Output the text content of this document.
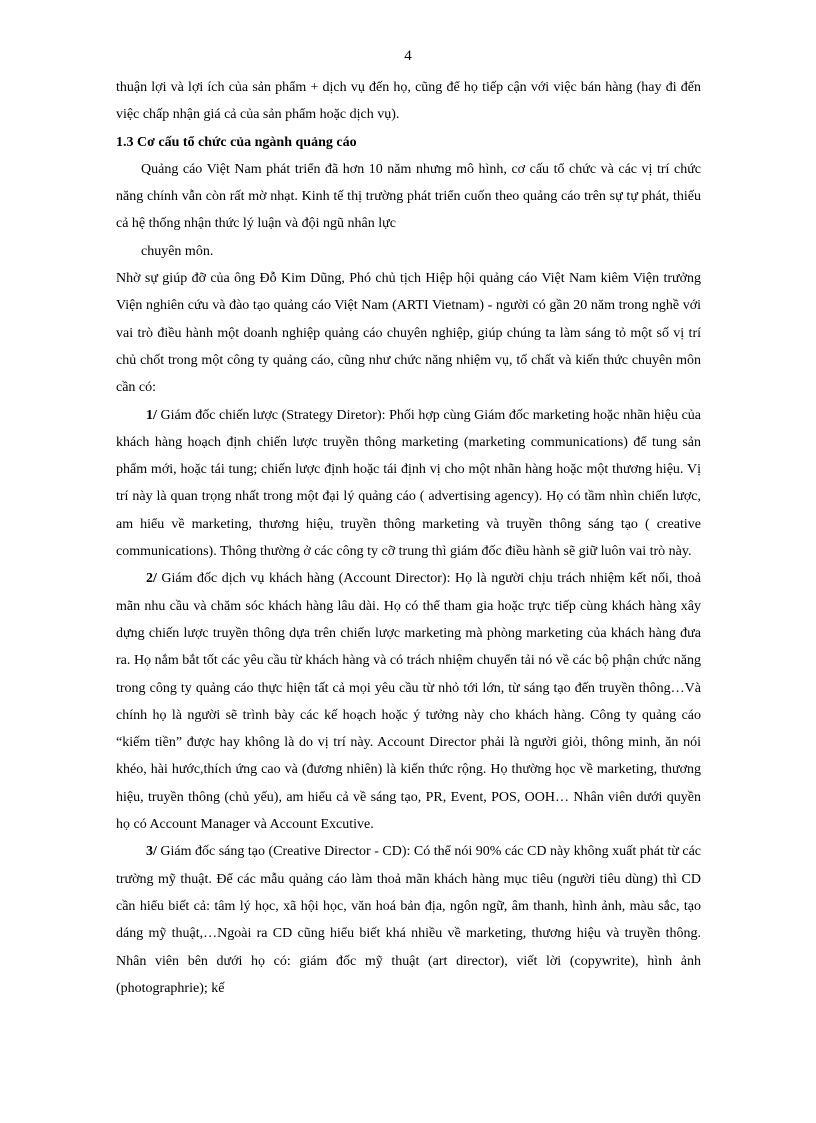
4

thuận lợi và lợi ích của sản phẩm + dịch vụ đến họ, cũng để họ tiếp cận với việc bán hàng (hay đi đến việc chấp nhận giá cả của sản phẩm hoặc dịch vụ).

1.3 Cơ cấu tổ chức của ngành quảng cáo

Quảng cáo Việt Nam phát triển đã hơn 10 năm nhưng mô hình, cơ cấu tổ chức và các vị trí chức năng chính vẫn còn rất mờ nhạt. Kinh tế thị trường phát triển cuốn theo quảng cáo trên sự tự phát, thiếu cả hệ thống nhận thức lý luận và đội ngũ nhân lực

chuyên môn.

Nhờ sự giúp đỡ của ông Đỗ Kim Dũng, Phó chủ tịch Hiệp hội quảng cáo Việt Nam kiêm Viện trưởng Viện nghiên cứu và đào tạo quảng cáo Việt Nam (ARTI Vietnam) - người có gần 20 năm trong nghề với vai trò điều hành một doanh nghiệp quảng cáo chuyên nghiệp, giúp chúng ta làm sáng tỏ một số vị trí chủ chốt trong một công ty quảng cáo, cũng như chức năng nhiệm vụ, tố chất và kiến thức chuyên môn cần có:

1/ Giám đốc chiến lược (Strategy Diretor): Phối hợp cùng Giám đốc marketing hoặc nhãn hiệu của khách hàng hoạch định chiến lược truyền thông marketing (marketing communications) để tung sản phẩm mới, hoặc tái tung; chiến lược định hoặc tái định vị cho một nhãn hàng hoặc một thương hiệu. Vị trí này là quan trọng nhất trong một đại lý quảng cáo ( advertising agency). Họ có tầm nhìn chiến lược, am hiểu về marketing, thương hiệu, truyền thông marketing và truyền thông sáng tạo ( creative communications). Thông thường ở các công ty cỡ trung thì giám đốc điều hành sẽ giữ luôn vai trò này.

2/ Giám đốc dịch vụ khách hàng (Account Director): Họ là người chịu trách nhiệm kết nối, thoả mãn nhu cầu và chăm sóc khách hàng lâu dài. Họ có thể tham gia hoặc trực tiếp cùng khách hàng xây dựng chiến lược truyền thông dựa trên chiến lược marketing mà phòng marketing của khách hàng đưa ra. Họ nắm bắt tốt các yêu cầu từ khách hàng và có trách nhiệm chuyển tải nó về các bộ phận chức năng trong công ty quảng cáo thực hiện tất cả mọi yêu cầu từ nhỏ tới lớn, từ sáng tạo đến truyền thông…Và chính họ là người sẽ trình bày các kế hoạch hoặc ý tưởng này cho khách hàng. Công ty quảng cáo “kiếm tiền” được hay không là do vị trí này. Account Director phải là người giỏi, thông minh, ăn nói khéo, hài hước,thích ứng cao và (đương nhiên) là kiến thức rộng. Họ thường học về marketing, thương hiệu, truyền thông (chủ yếu), am hiểu cả về sáng tạo, PR, Event, POS, OOH… Nhân viên dưới quyền họ có Account Manager và Account Excutive.

3/ Giám đốc sáng tạo (Creative Director - CD): Có thể nói 90% các CD này không xuất phát từ các trường mỹ thuật. Để các mẫu quảng cáo làm thoả mãn khách hàng mục tiêu (người tiêu dùng) thì CD cần hiểu biết cả: tâm lý học, xã hội học, văn hoá bản địa, ngôn ngữ, âm thanh, hình ảnh, màu sắc, tạo dáng mỹ thuật,…Ngoài ra CD cũng hiểu biết khá nhiều về marketing, thương hiệu và truyền thông. Nhân viên bên dưới họ có: giám đốc mỹ thuật (art director), viết lời (copywrite), hình ảnh (photographrie); kế
